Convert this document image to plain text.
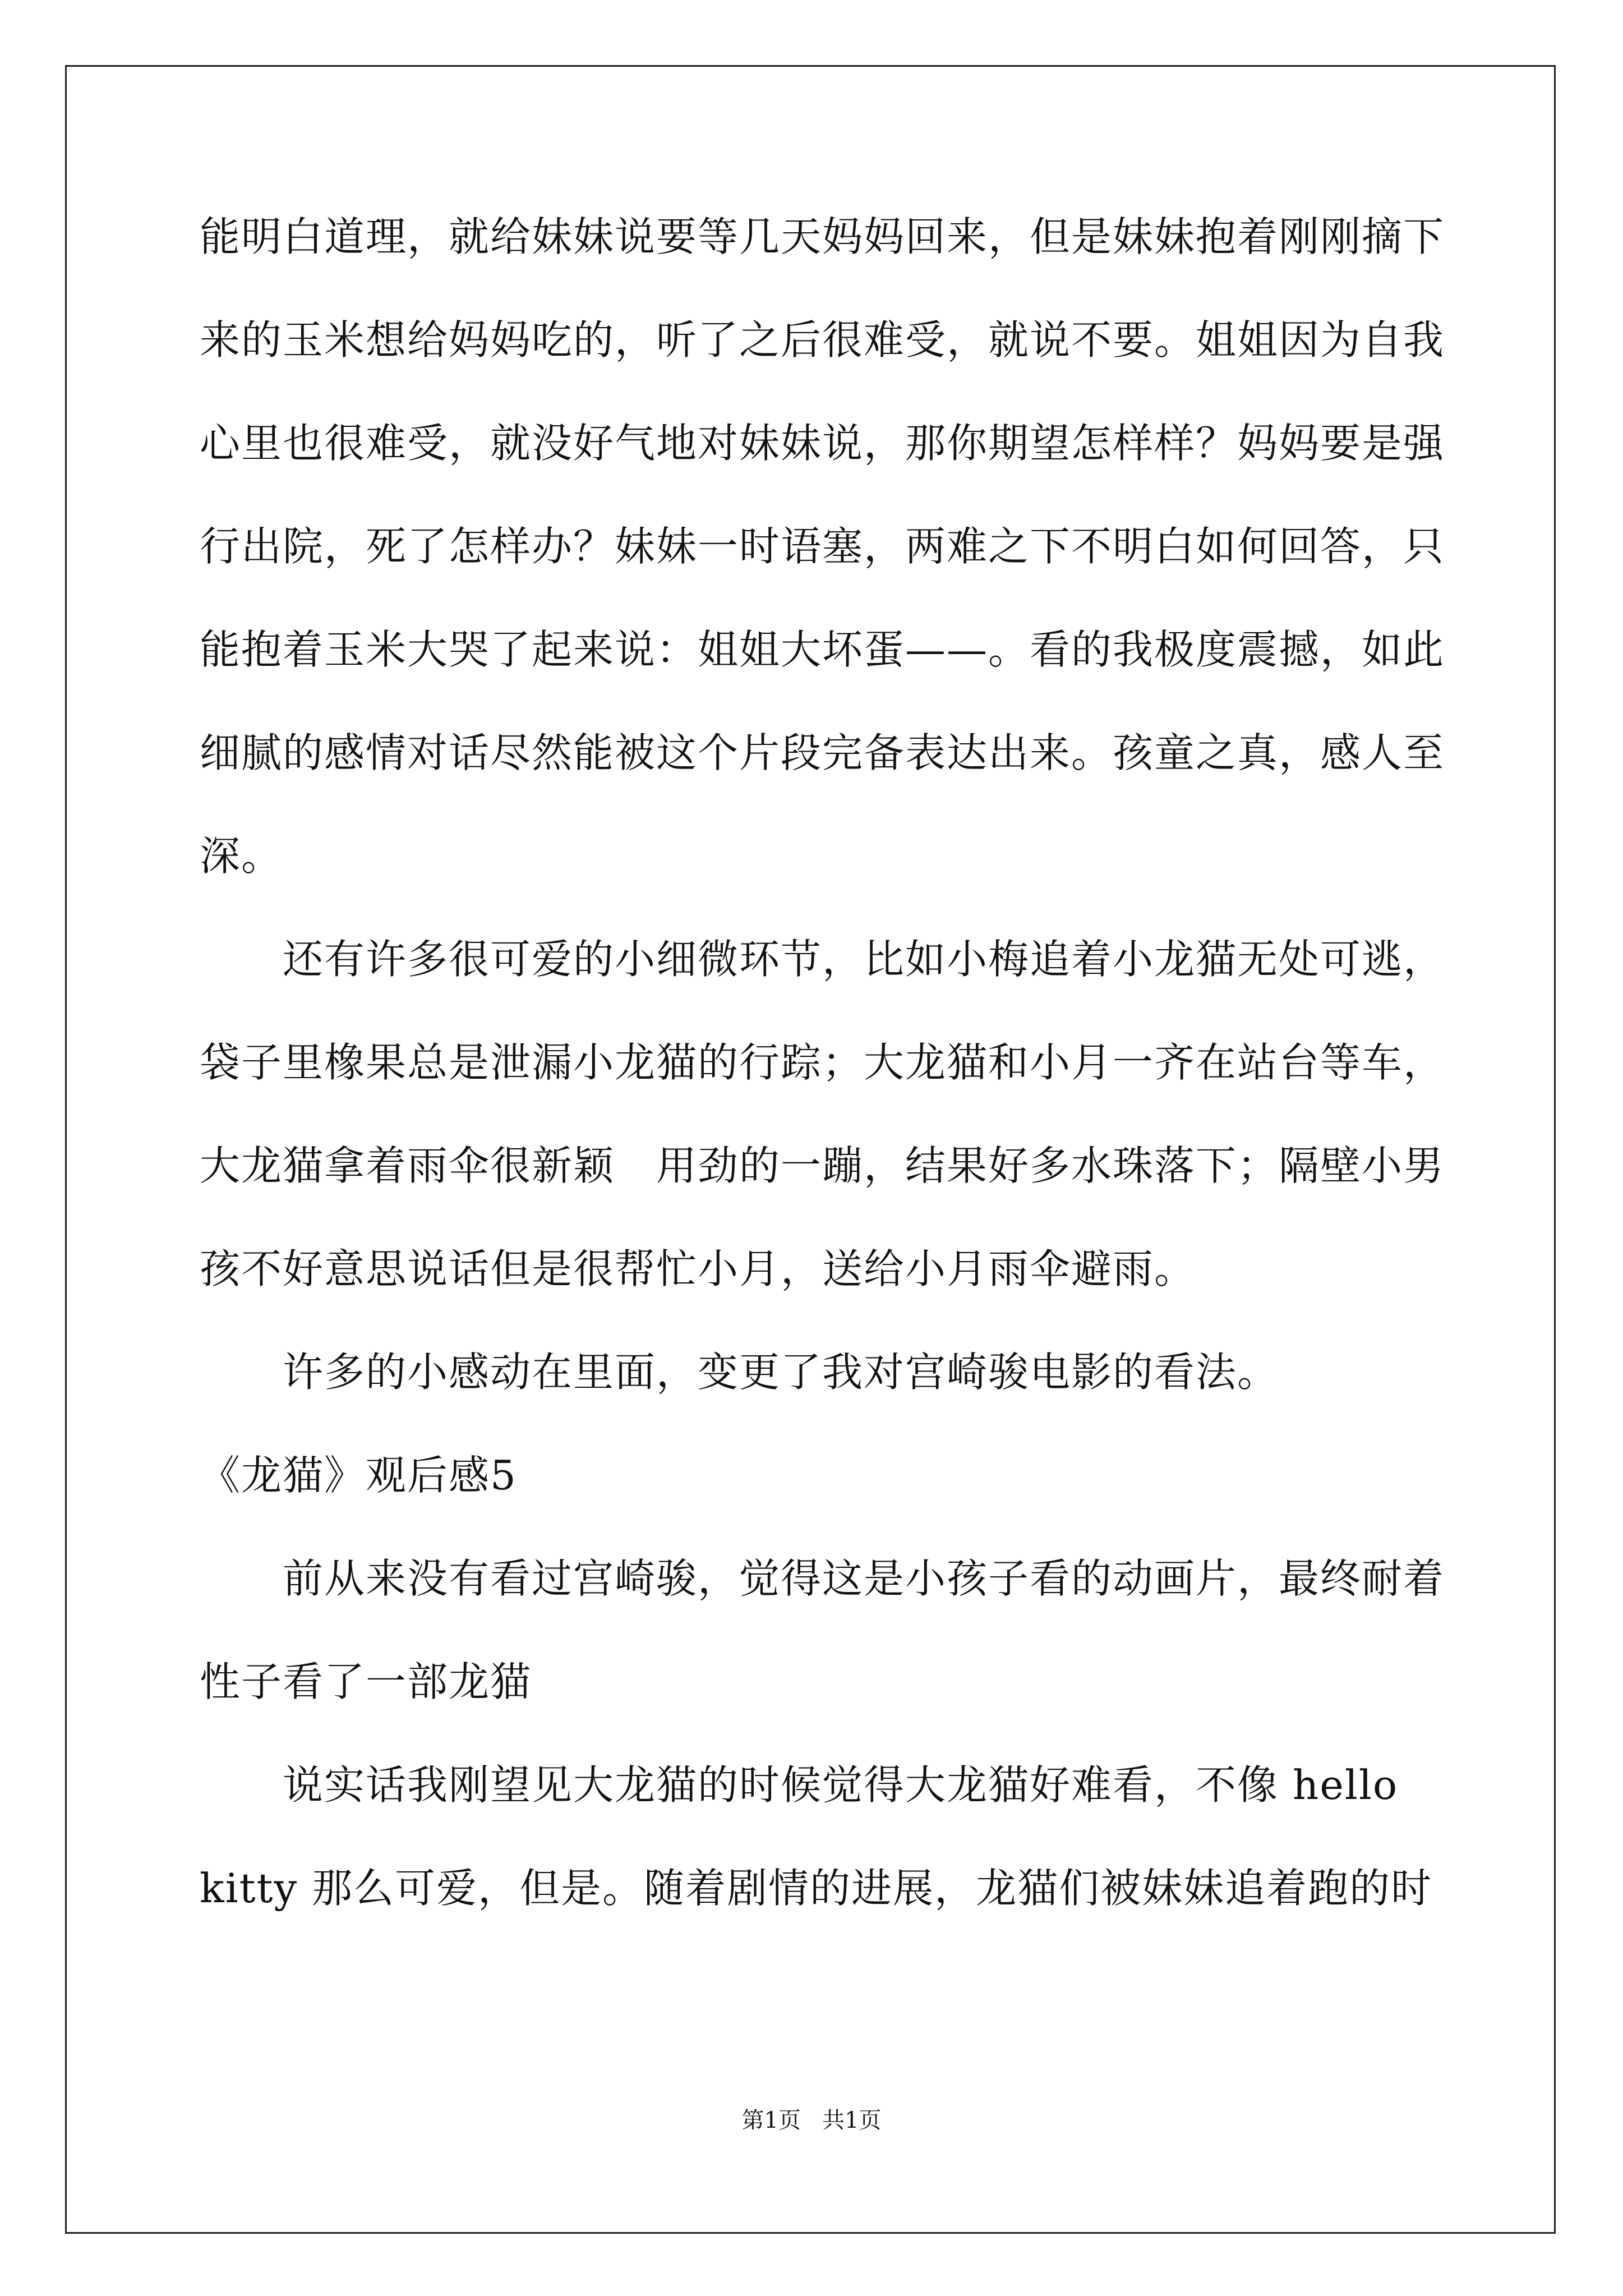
能明白道理，就给妹妹说要等几天妈妈回来，但是妹妹抱着刚刚摘下
来的玉米想给妈妈吃的，听了之后很难受，就说不要。姐姐因为自我
心里也很难受，就没好气地对妹妹说，那你期望怎样样？妈妈要是强
行出院，死了怎样办？妹妹一时语塞，两难之下不明白如何回答，只
能抱着玉米大哭了起来说：姐姐大坏蛋——。看的我极度震撼，如此
细腻的感情对话尽然能被这个片段完备表达出来。孩童之真，感人至
深。
还有许多很可爱的小细微环节，比如小梅追着小龙猫无处可逃，
袋子里橡果总是泄漏小龙猫的行踪；大龙猫和小月一齐在站台等车，
大龙猫拿着雨伞很新颖　用劲的一蹦，结果好多水珠落下；隔壁小男
孩不好意思说话但是很帮忙小月，送给小月雨伞避雨。
许多的小感动在里面，变更了我对宫崎骏电影的看法。
《龙猫》观后感5
前从来没有看过宫崎骏，觉得这是小孩子看的动画片，最终耐着
性子看了一部龙猫
说实话我刚望见大龙猫的时候觉得大龙猫好难看，不像 hello
kitty 那么可爱，但是。随着剧情的进展，龙猫们被妹妹追着跑的时
第1页 共1页
